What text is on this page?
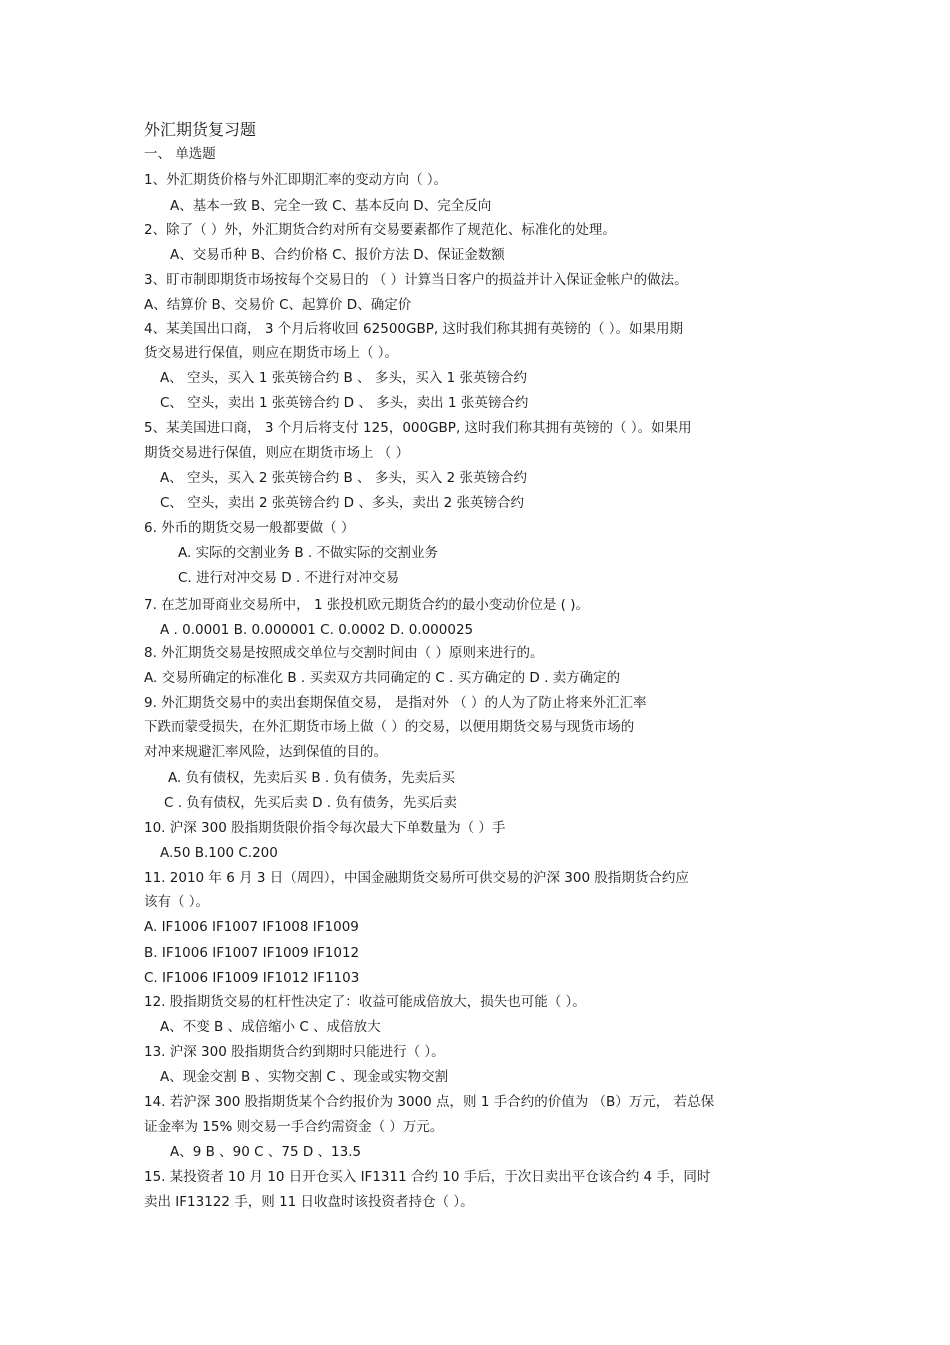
外汇期货复习题
一、 单选题
1、外汇期货价格与外汇即期汇率的变动方向（ ）。
A、基本一致 B、完全一致 C、基本反向 D、完全反向
2、除了（ ）外，外汇期货合约对所有交易要素都作了规范化、标准化的处理。
A、交易币种 B、合约价格 C、报价方法 D、保证金数额
3、盯市制即期货市场按每个交易日的 （ ）计算当日客户的损益并计入保证金帐户的做法。
A、结算价 B、交易价 C、起算价 D、确定价
4、某美国出口商， 3 个月后将收回 62500GBP, 这时我们称其拥有英镑的（ ）。如果用期
货交易进行保值，则应在期货市场上（ ）。
A、 空头，买入 1 张英镑合约 B 、 多头，买入 1 张英镑合约
C、 空头，卖出 1 张英镑合约 D 、 多头，卖出 1 张英镑合约
5、某美国进口商， 3 个月后将支付 125，000GBP, 这时我们称其拥有英镑的（ ）。如果用
期货交易进行保值，则应在期货市场上 （ ）
A、 空头，买入 2 张英镑合约 B 、 多头，买入 2 张英镑合约
C、 空头，卖出 2 张英镑合约 D 、多头，卖出 2 张英镑合约
6. 外币的期货交易一般都要做（ ）
A. 实际的交割业务 B . 不做实际的交割业务
C. 进行对冲交易 D . 不进行对冲交易
7. 在芝加哥商业交易所中， 1 张投机欧元期货合约的最小变动价位是 ( )。
A . 0.0001 B. 0.000001 C. 0.0002 D. 0.000025
8. 外汇期货交易是按照成交单位与交割时间由（ ）原则来进行的。
A. 交易所确定的标准化 B . 买卖双方共同确定的 C . 买方确定的 D . 卖方确定的
9. 外汇期货交易中的卖出套期保值交易， 是指对外 （ ）的人为了防止将来外汇汇率
下跌而蒙受损失，在外汇期货市场上做（ ）的交易，以便用期货交易与现货市场的
对冲来规避汇率风险，达到保值的目的。
A. 负有债权，先卖后买 B . 负有债务，先卖后买
C . 负有债权，先买后卖 D . 负有债务，先买后卖
10. 沪深 300 股指期货限价指令每次最大下单数量为（ ）手
A.50 B.100 C.200
11. 2010 年 6 月 3 日（周四），中国金融期货交易所可供交易的沪深 300 股指期货合约应
该有（ ）。
A. IF1006 IF1007 IF1008 IF1009
B. IF1006 IF1007 IF1009 IF1012
C. IF1006 IF1009 IF1012 IF1103
12. 股指期货交易的杠杆性决定了：收益可能成倍放大，损失也可能（ ）。
A、不变 B 、成倍缩小 C 、成倍放大
13. 沪深 300 股指期货合约到期时只能进行（ ）。
A、现金交割 B 、实物交割 C 、现金或实物交割
14. 若沪深 300 股指期货某个合约报价为 3000 点，则 1 手合约的价值为 （B）万元， 若总保
证金率为 15% 则交易一手合约需资金（ ）万元。
A、9 B 、90 C 、75 D 、13.5
15. 某投资者 10 月 10 日开仓买入 IF1311 合约 10 手后，于次日卖出平仓该合约 4 手，同时
卖出 IF13122 手，则 11 日收盘时该投资者持仓（ ）。
